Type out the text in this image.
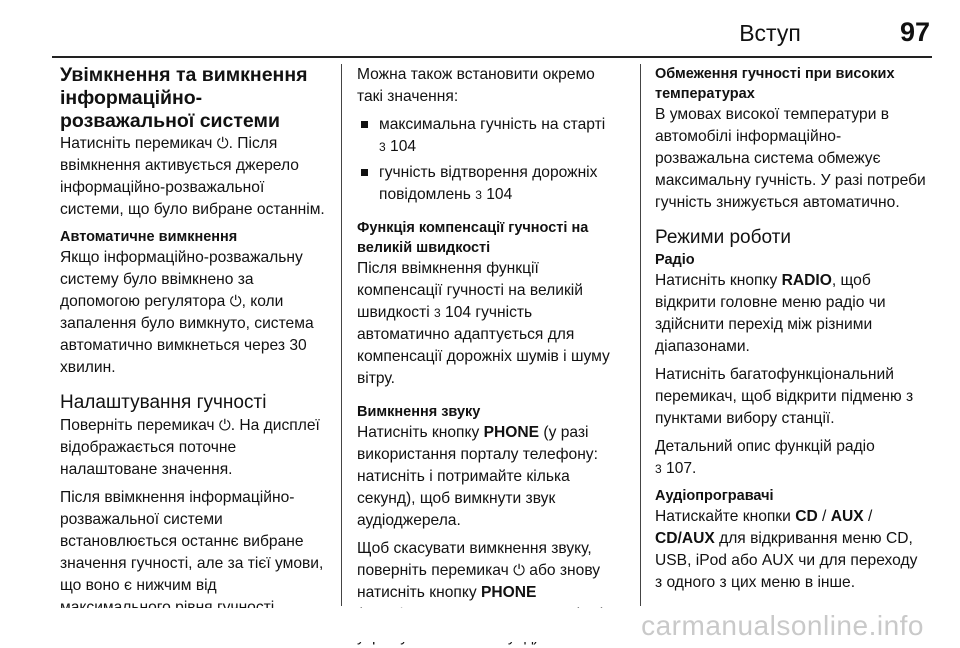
Вступ	97
Увімкнення та вимкнення інформаційно-розважальної системи

Натисніть перемикач ⏻. Після ввімкнення активується джерело інформаційно-розважальної системи, що було вибране останнім.

Автоматичне вимкнення

Якщо інформаційно-розважальну систему було ввімкнено за допомогою регулятора ⏻, коли запалення було вимкнуто, система автоматично вимкнеться через 30 хвилин.

Налаштування гучності

Поверніть перемикач ⏻. На дисплеї відображається поточне налаштоване значення.

Після ввімкнення інформаційно-розважальної системи встановлюється останнє вибране значення гучності, але за тієї умови, що воно є нижчим від

Можна також встановити окремо такі значення:

максимальна гучність на старті
3 104
гучність відтворення дорожніх повідомлень 3 104
Функція компенсації гучності на великій швидкості

Після ввімкнення функції компенсації гучності на великій швидкості 3 104 гучність автоматично адаптується для компенсації дорожніх шумів і шуму вітру.

Вимкнення звуку

Натисніть кнопку PHONE (у разі використання порталу телефону: натисніть і потримайте кілька секунд), щоб вимкнути звук аудіоджерела.

Щоб скасувати вимкнення звуку, поверніть перемикач ⏻ або знову натисніть кнопку PHONE

Обмеження гучності при високих температурах

В умовах високої температури в автомобілі інформаційно-розважальна система обмежує максимальну гучність. У разі потреби гучність знижується автоматично.

Режими роботи
Радіо

Натисніть кнопку RADIO, щоб відкрити головне меню радіо чи здійснити перехід між різними діапазонами.

Натисніть багатофункціональний перемикач, щоб відкрити підменю з пунктами вибору станції.

Детальний опис функцій радіо
3 107.

Аудіопрогравачі

Натискайте кнопки CD / AUX / CD/AUX для відкривання меню CD, USB, iPod або AUX чи для переходу з одного з цих меню в інше.

carmanualsonline.info
